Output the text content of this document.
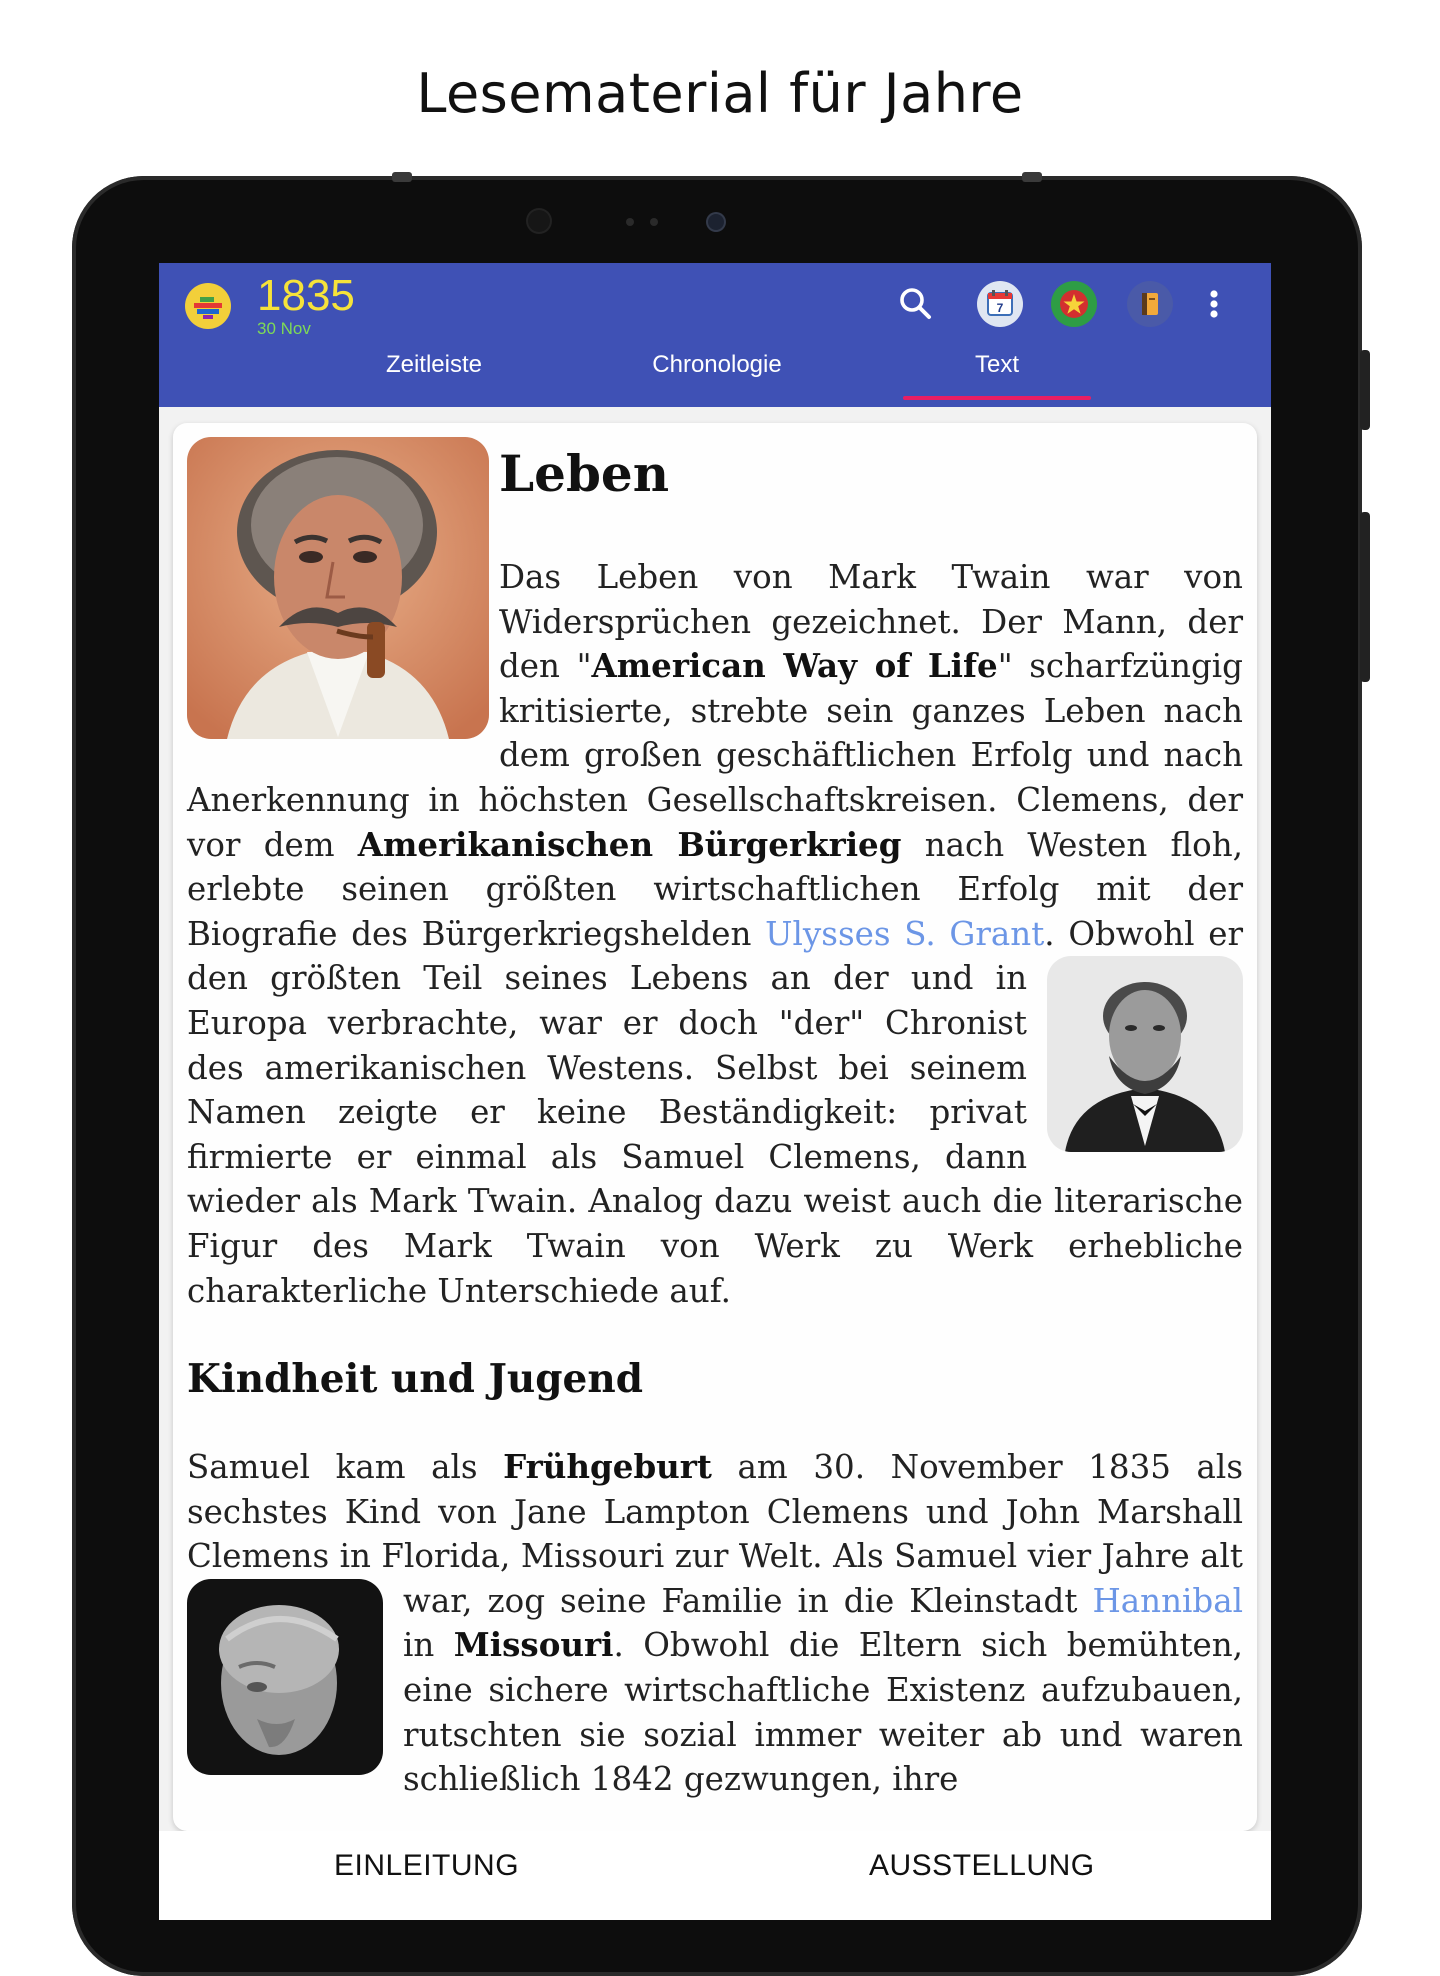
Lesematerial für Jahre
1835
30 Nov
7
Zeitleiste	Chronologie	Text
Leben

Das Leben von Mark Twain war von Widersprüchen gezeichnet. Der Mann, der den "American Way of Life" scharfzüngig kritisierte, strebte sein ganzes Leben nach dem großen geschäftlichen Erfolg und nach Anerkennung in höchsten Gesellschaftskreisen. Clemens, der vor dem Amerikanischen Bürgerkrieg nach Westen floh, erlebte seinen größten wirtschaftlichen Erfolg mit der Biografie des Bürgerkriegshelden Ulysses S. Grant. Obwohl er den größten Teil seines Lebens an der
und in Europa verbrachte, war er doch "der" Chronist des amerikanischen Westens. Selbst bei seinem Namen zeigte er keine Beständigkeit: privat firmierte er einmal als Samuel Clemens, dann wieder als Mark Twain. Analog dazu weist auch die literarische Figur des Mark Twain von Werk zu Werk erhebliche charakterliche Unterschiede auf.

Kindheit und Jugend

Samuel kam als Frühgeburt am 30. November 1835 als sechstes Kind von Jane Lampton Clemens und John Marshall Clemens in Florida, Missouri zur Welt. Als Samuel vier Jahre alt war, zog seine Familie in die Kleinstadt
Hannibal in Missouri. Obwohl die Eltern sich bemühten, eine sichere wirtschaftliche Existenz aufzubauen, rutschten sie sozial immer weiter ab und waren schließlich 1842 gezwungen, ihre

EINLEITUNG	AUSSTELLUNG
